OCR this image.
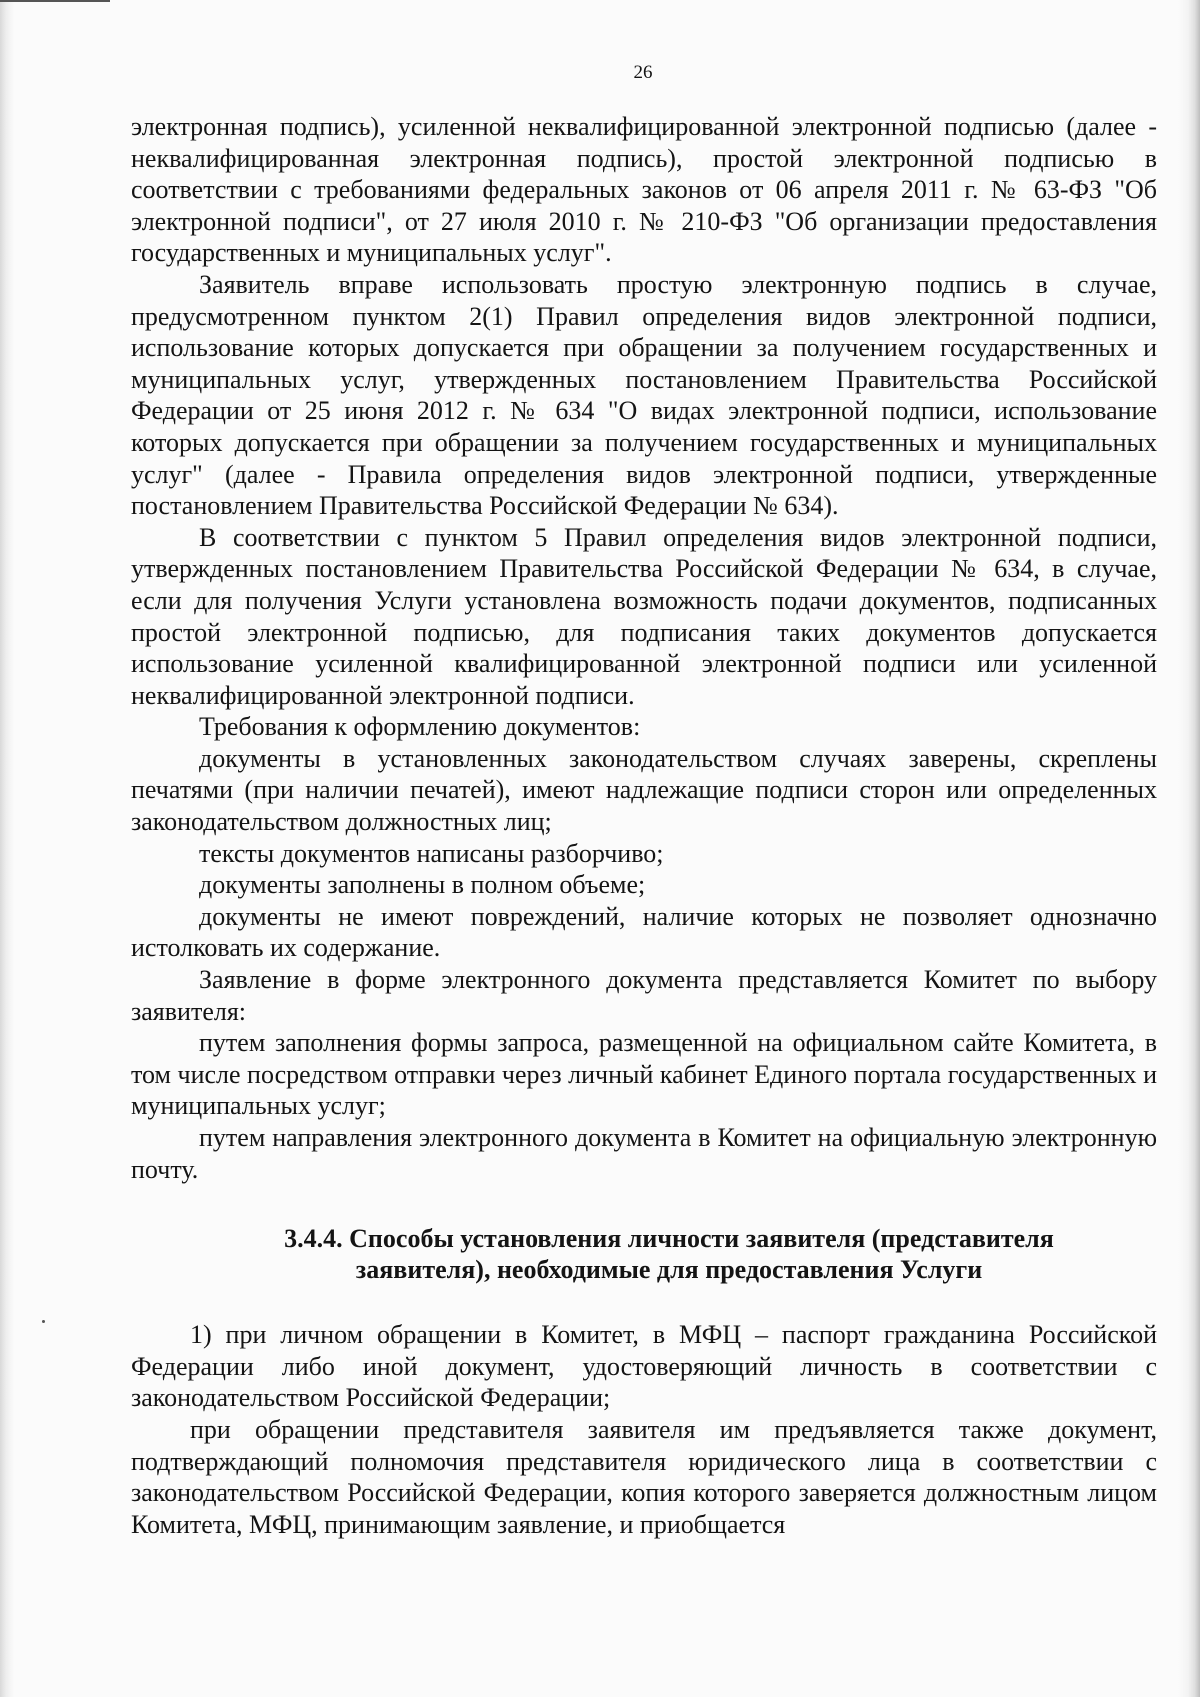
26

электронная подпись), усиленной неквалифицированной электронной подписью (далее - неквалифицированная электронная подпись), простой электронной подписью в соответствии с требованиями федеральных законов от 06 апреля 2011 г. № 63-ФЗ "Об электронной подписи", от 27 июля 2010 г. № 210-ФЗ "Об организации предоставления государственных и муниципальных услуг".

Заявитель вправе использовать простую электронную подпись в случае, предусмотренном пунктом 2(1) Правил определения видов электронной подписи, использование которых допускается при обращении за получением государственных и муниципальных услуг, утвержденных постановлением Правительства Российской Федерации от 25 июня 2012 г. № 634 "О видах электронной подписи, использование которых допускается при обращении за получением государственных и муниципальных услуг" (далее - Правила определения видов электронной подписи, утвержденные постановлением Правительства Российской Федерации № 634).

В соответствии с пунктом 5 Правил определения видов электронной подписи, утвержденных постановлением Правительства Российской Федерации № 634, в случае, если для получения Услуги установлена возможность подачи документов, подписанных простой электронной подписью, для подписания таких документов допускается использование усиленной квалифицированной электронной подписи или усиленной неквалифицированной электронной подписи.

Требования к оформлению документов:

документы в установленных законодательством случаях заверены, скреплены печатями (при наличии печатей), имеют надлежащие подписи сторон или определенных законодательством должностных лиц;

тексты документов написаны разборчиво;

документы заполнены в полном объеме;

документы не имеют повреждений, наличие которых не позволяет однозначно истолковать их содержание.

Заявление в форме электронного документа представляется Комитет по выбору заявителя:

путем заполнения формы запроса, размещенной на официальном сайте Комитета, в том числе посредством отправки через личный кабинет Единого портала государственных и муниципальных услуг;

путем направления электронного документа в Комитет на официальную электронную почту.

3.4.4. Способы установления личности заявителя (представителя
заявителя), необходимые для предоставления Услуги

1) при личном обращении в Комитет, в МФЦ – паспорт гражданина Российской Федерации либо иной документ, удостоверяющий личность в соответствии с законодательством Российской Федерации;

при обращении представителя заявителя им предъявляется также документ, подтверждающий полномочия представителя юридического лица в соответствии с законодательством Российской Федерации, копия которого заверяется должностным лицом Комитета, МФЦ, принимающим заявление, и приобщается
